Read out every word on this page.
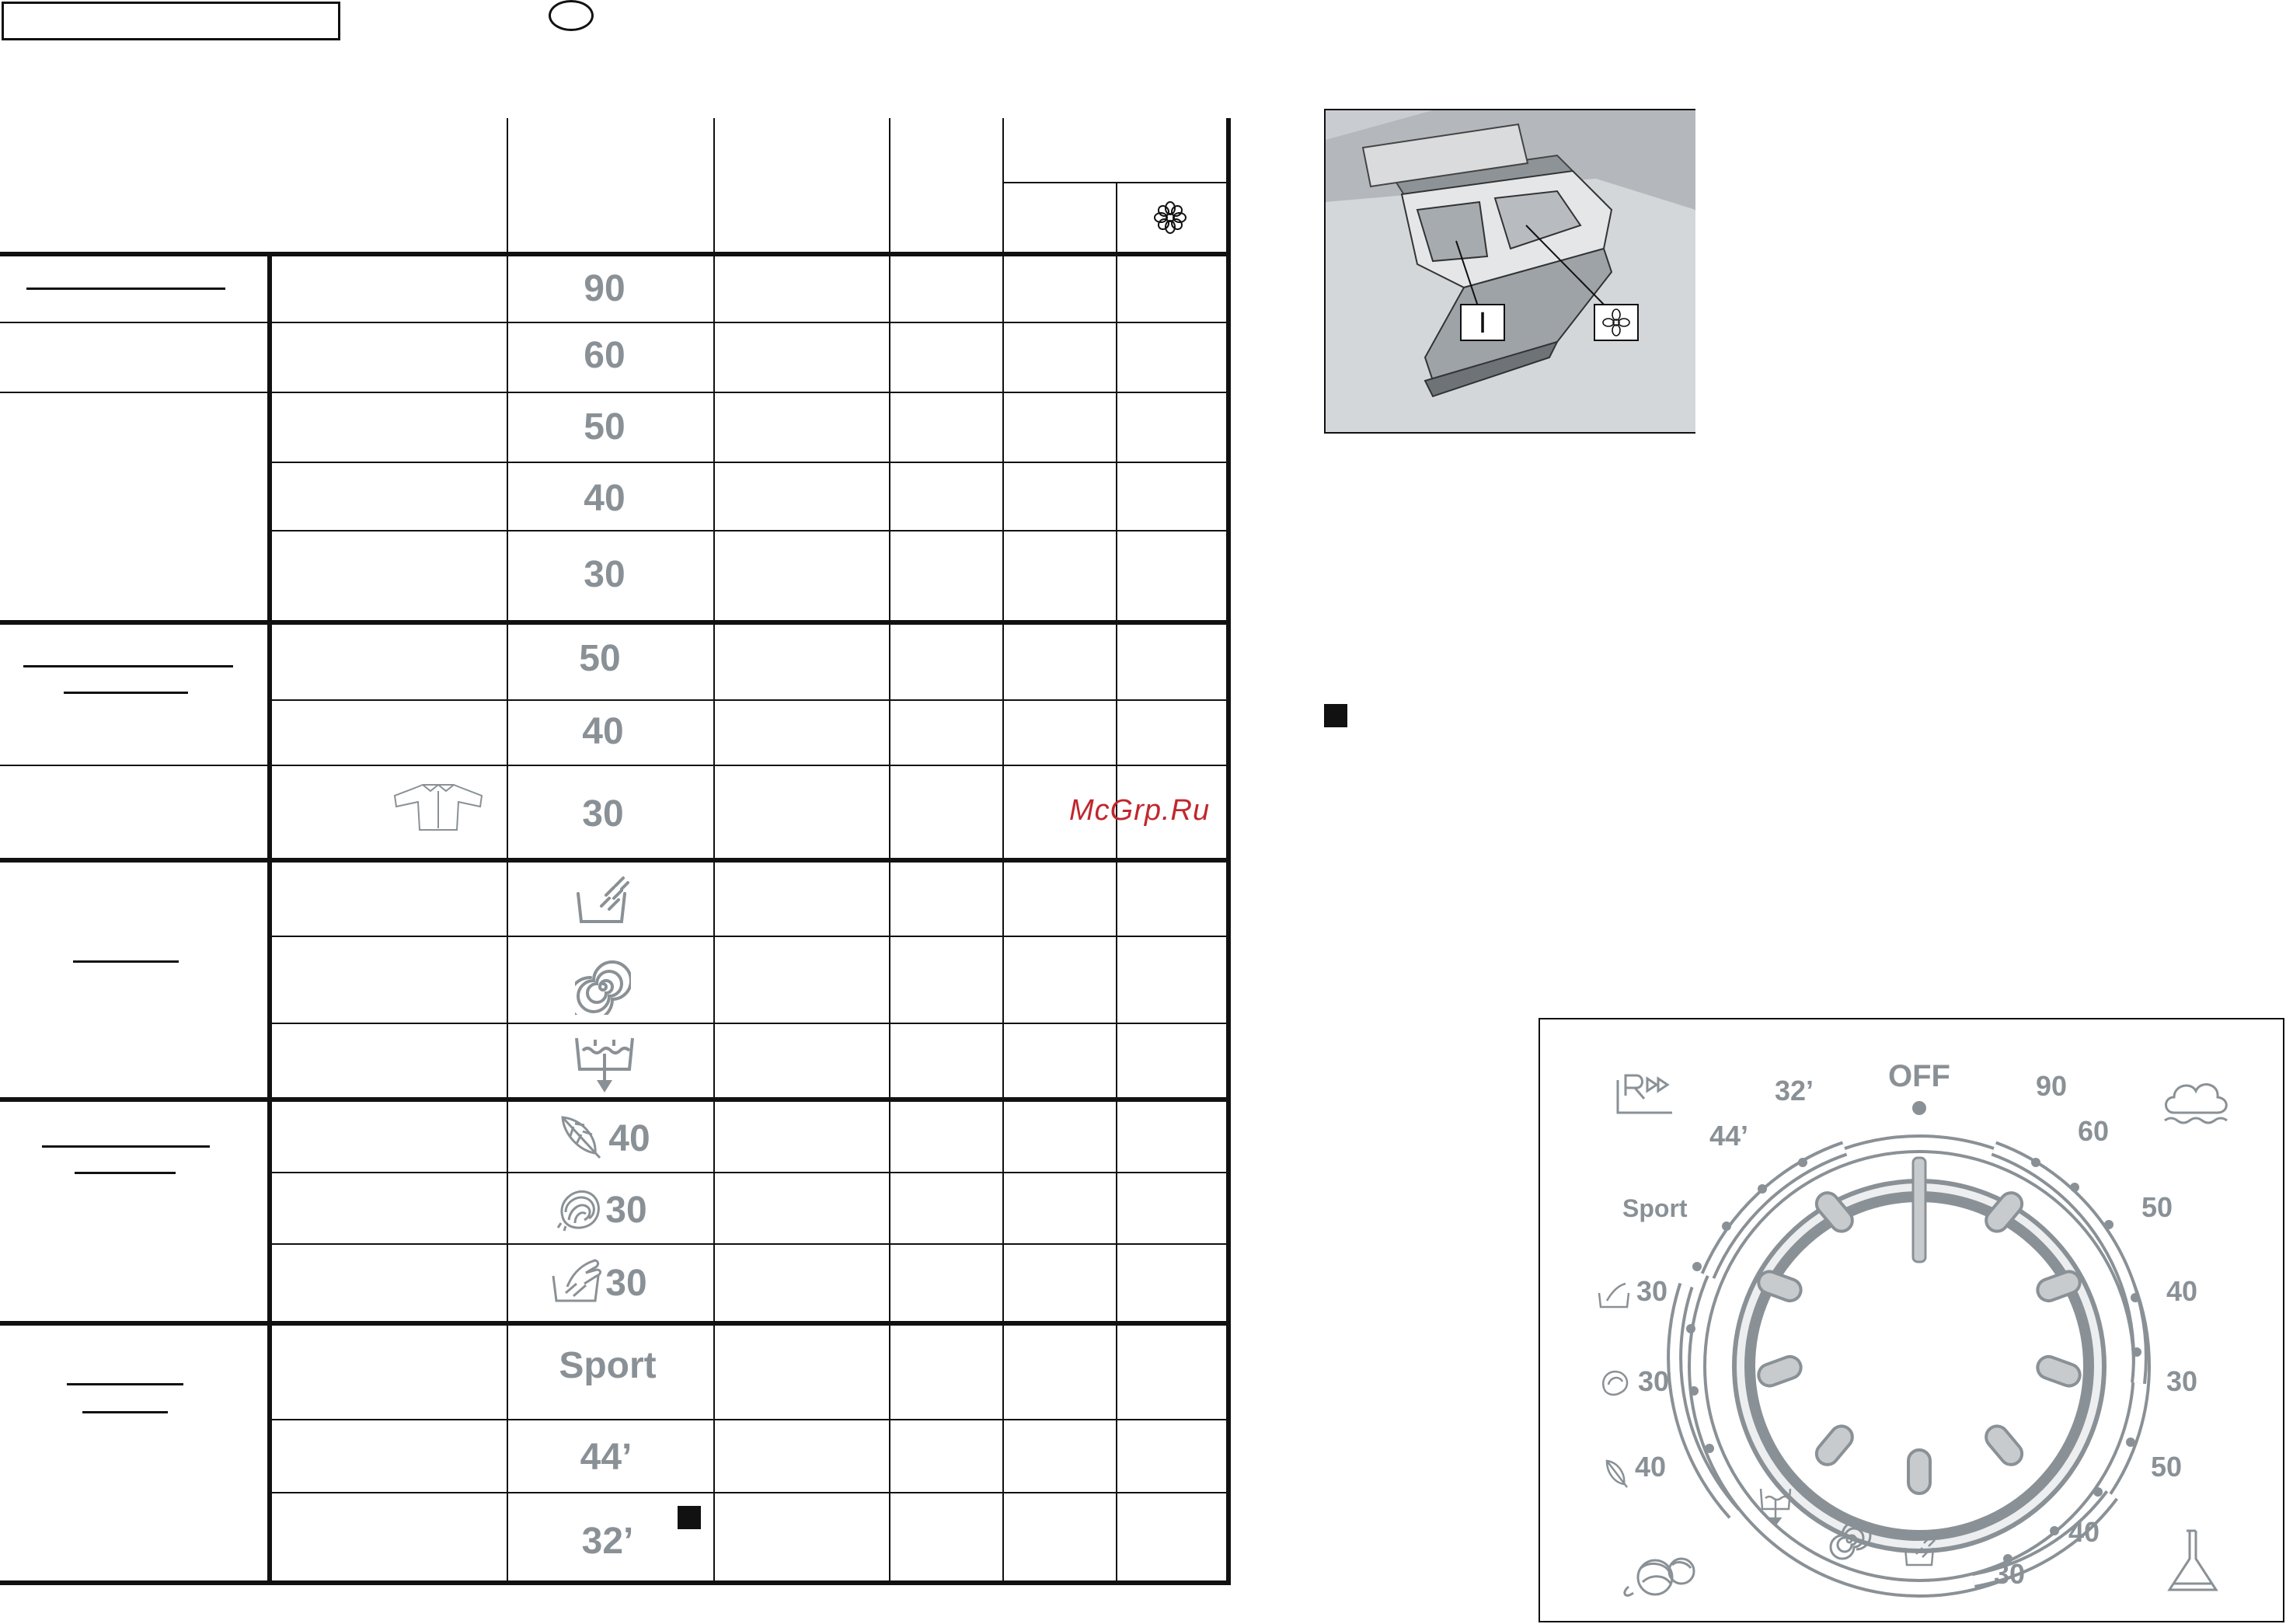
90
60
50
40
30
50
40
30
40
30
30
Sport
44’
32’
McGrp.Ru
I
OFF	90
60
50
40
30
50
40
30
32’
44’
Sport
30
30
40
